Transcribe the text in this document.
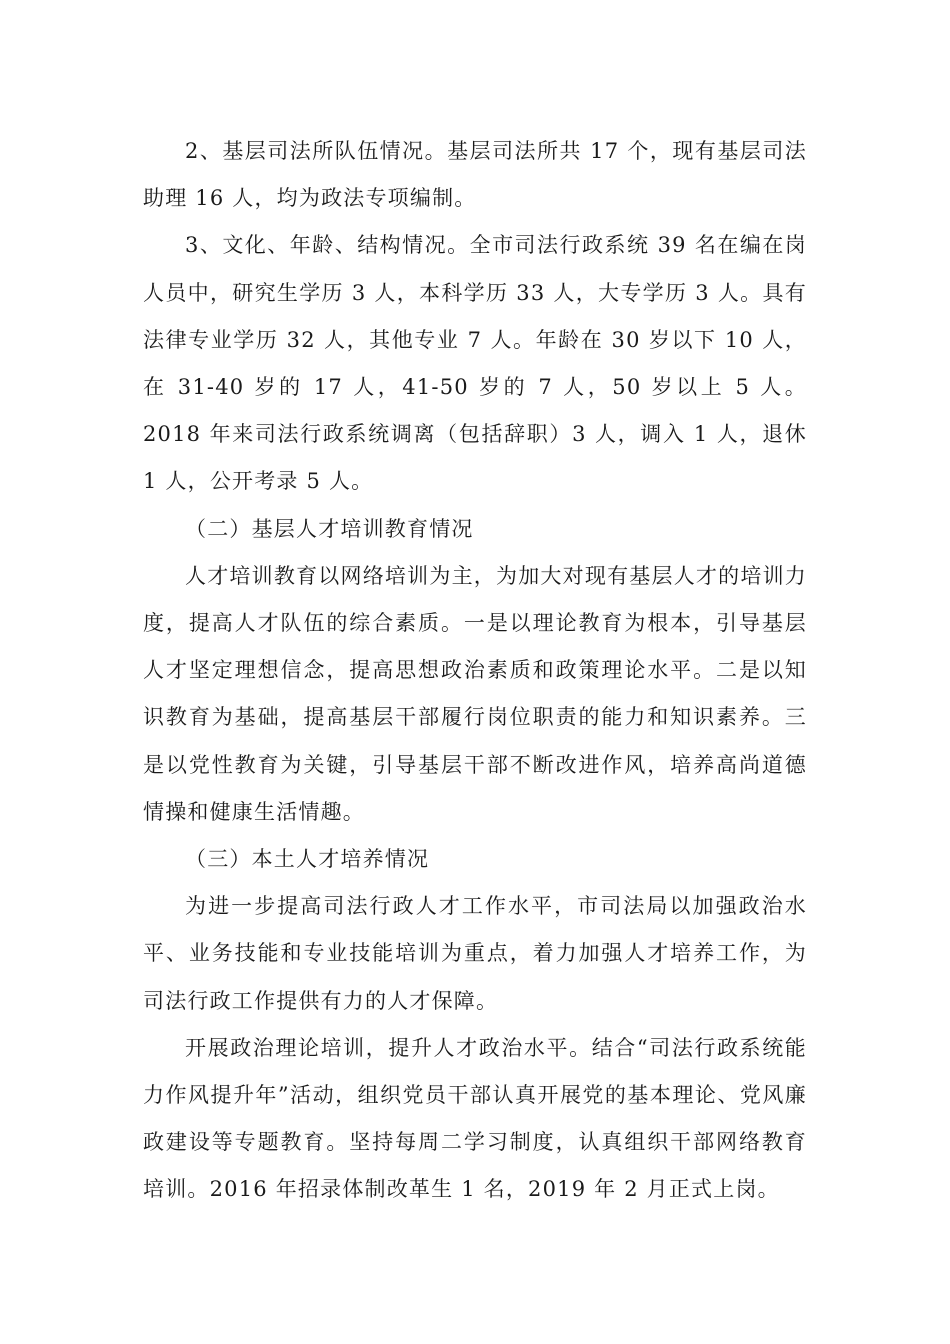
2、基层司法所队伍情况。基层司法所共 17 个，现有基层司法助理 16 人，均为政法专项编制。

3、文化、年龄、结构情况。全市司法行政系统 39 名在编在岗人员中，研究生学历 3 人，本科学历 33 人，大专学历 3 人。具有法律专业学历 32 人，其他专业 7 人。年龄在 30 岁以下 10 人，在 31-40 岁的 17 人，41-50 岁的 7 人，50 岁以上 5 人。2018 年来司法行政系统调离（包括辞职）3 人，调入 1 人，退休 1 人，公开考录 5 人。

（二）基层人才培训教育情况

人才培训教育以网络培训为主，为加大对现有基层人才的培训力度，提高人才队伍的综合素质。一是以理论教育为根本，引导基层人才坚定理想信念，提高思想政治素质和政策理论水平。二是以知识教育为基础，提高基层干部履行岗位职责的能力和知识素养。三是以党性教育为关键，引导基层干部不断改进作风，培养高尚道德情操和健康生活情趣。

（三）本土人才培养情况

为进一步提高司法行政人才工作水平，市司法局以加强政治水平、业务技能和专业技能培训为重点，着力加强人才培养工作，为司法行政工作提供有力的人才保障。

开展政治理论培训，提升人才政治水平。结合“司法行政系统能力作风提升年”活动，组织党员干部认真开展党的基本理论、党风廉政建设等专题教育。坚持每周二学习制度，认真组织干部网络教育培训。2016 年招录体制改革生 1 名，2019 年 2 月正式上岗。
